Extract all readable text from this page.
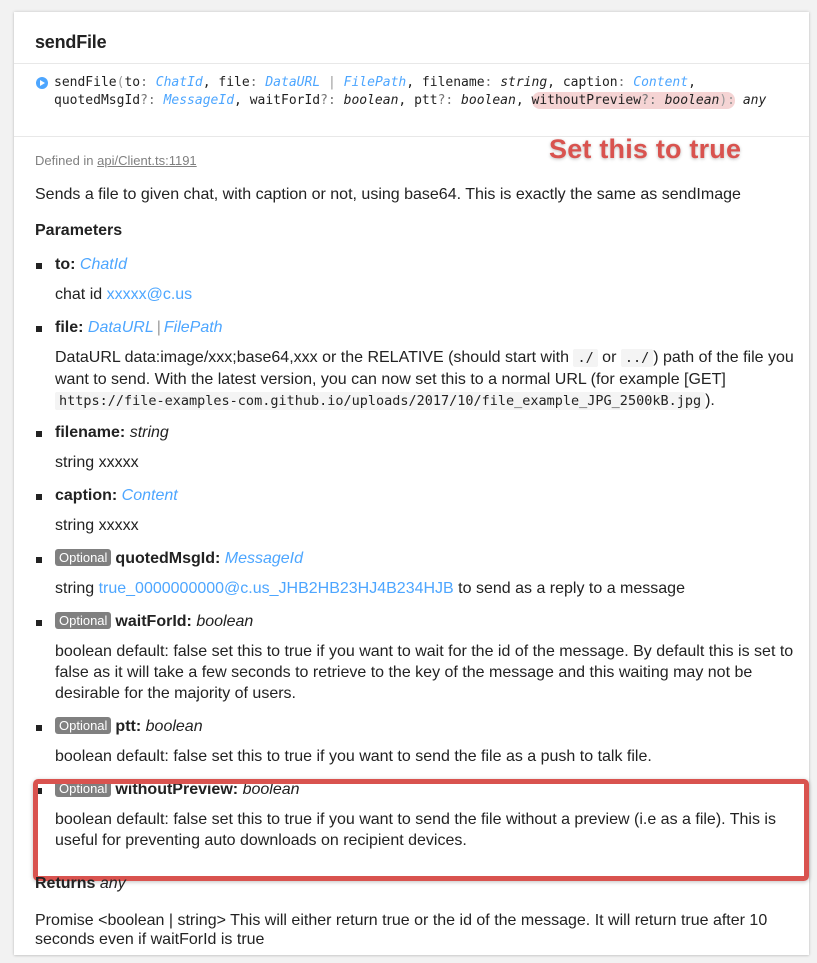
sendFile
sendFile(to: ChatId, file: DataURL | FilePath, filename: string, caption: Content, quotedMsgId?: MessageId, waitForId?: boolean, ptt?: boolean, withoutPreview?: boolean): any
Set this to true
Defined in api/Client.ts:1191

Sends a file to given chat, with caption or not, using base64. This is exactly the same as sendImage

Parameters
to: ChatId
chat id xxxxx@c.us
file: DataURL | FilePath
DataURL data:image/xxx;base64,xxx or the RELATIVE (should start with ./ or ../ ) path of the file you want to send. With the latest version, you can now set this to a normal URL (for example [GET] https://file-examples-com.github.io/uploads/2017/10/file_example_JPG_2500kB.jpg ).
filename: string
string xxxxx
caption: Content
string xxxxx
Optional quotedMsgId: MessageId
string true_0000000000@c.us_JHB2HB23HJ4B234HJB to send as a reply to a message
Optional waitForId: boolean
boolean default: false set this to true if you want to wait for the id of the message. By default this is set to false as it will take a few seconds to retrieve to the key of the message and this waiting may not be desirable for the majority of users.
Optional ptt: boolean
boolean default: false set this to true if you want to send the file as a push to talk file.
Optional withoutPreview: boolean
boolean default: false set this to true if you want to send the file without a preview (i.e as a file). This is useful for preventing auto downloads on recipient devices.
Returns any

Promise <boolean | string> This will either return true or the id of the message. It will return true after 10 seconds even if waitForId is true
